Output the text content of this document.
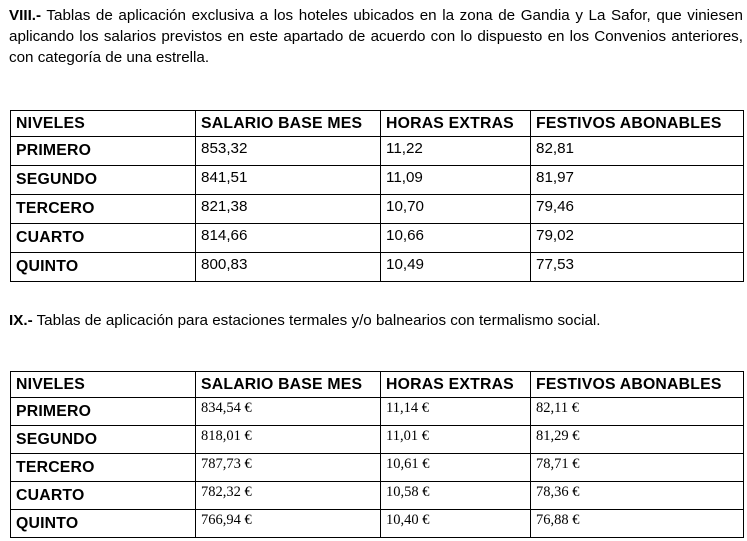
VIII.- Tablas de aplicación exclusiva a los hoteles ubicados en la zona de Gandia y La Safor, que viniesen aplicando los salarios previstos en este apartado de acuerdo con lo dispuesto en los Convenios anteriores, con categoría de una estrella.

NIVELES	SALARIO BASE MES	HORAS EXTRAS	FESTIVOS ABONABLES
PRIMERO	853,32	11,22	82,81
SEGUNDO	841,51	11,09	81,97
TERCERO	821,38	10,70	79,46
CUARTO	814,66	10,66	79,02
QUINTO	800,83	10,49	77,53

IX.- Tablas de aplicación para estaciones termales y/o balnearios con termalismo social.

NIVELES	SALARIO BASE MES	HORAS EXTRAS	FESTIVOS ABONABLES
PRIMERO	834,54 €	11,14 €	82,11 €
SEGUNDO	818,01 €	11,01 €	81,29 €
TERCERO	787,73 €	10,61 €	78,71 €
CUARTO	782,32 €	10,58 €	78,36 €
QUINTO	766,94 €	10,40 €	76,88 €
